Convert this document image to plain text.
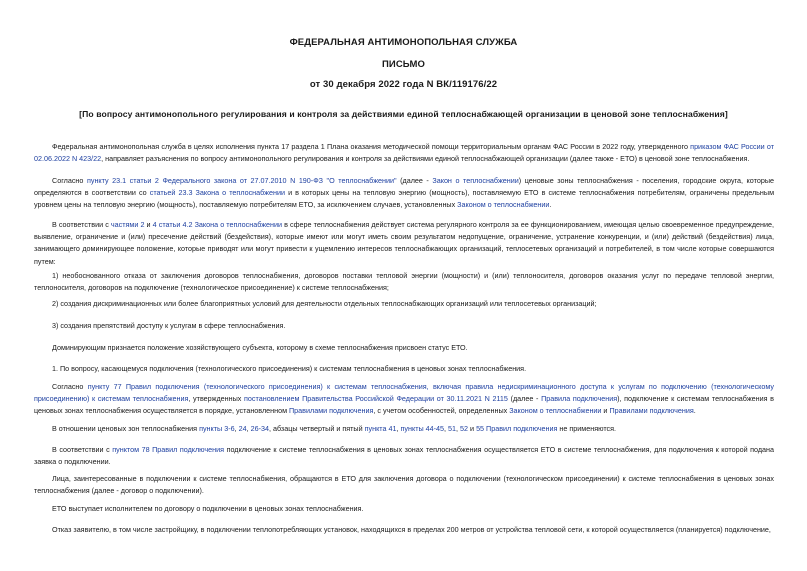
ФЕДЕРАЛЬНАЯ АНТИМОНОПОЛЬНАЯ СЛУЖБА
ПИСЬМО
от 30 декабря 2022 года N ВК/119176/22
[По вопросу антимонопольного регулирования и контроля за действиями единой теплоснабжающей организации в ценовой зоне теплоснабжения]
Федеральная антимонопольная служба в целях исполнения пункта 17 раздела 1 Плана оказания методической помощи территориальным органам ФАС России в 2022 году, утвержденного приказом ФАС России от 02.06.2022 N 423/22, направляет разъяснения по вопросу антимонопольного регулирования и контроля за действиями единой теплоснабжающей организации (далее также - ЕТО) в ценовой зоне теплоснабжения.
Согласно пункту 23.1 статьи 2 Федерального закона от 27.07.2010 N 190-ФЗ "О теплоснабжении" (далее - Закон о теплоснабжении) ценовые зоны теплоснабжения - поселения, городские округа, которые определяются в соответствии со статьей 23.3 Закона о теплоснабжении и в которых цены на тепловую энергию (мощность), поставляемую ЕТО в системе теплоснабжения потребителям, ограничены предельным уровнем цены на тепловую энергию (мощность), поставляемую потребителям ЕТО, за исключением случаев, установленных Законом о теплоснабжении.
В соответствии с частями 2 и 4 статьи 4.2 Закона о теплоснабжении в сфере теплоснабжения действует система регулярного контроля за ее функционированием, имеющая целью своевременное предупреждение, выявление, ограничение и (или) пресечение действий (бездействия), которые имеют или могут иметь своим результатом недопущение, ограничение, устранение конкуренции, и (или) действий (бездействия) лица, занимающего доминирующее положение, которые приводят или могут привести к ущемлению интересов теплоснабжающих организаций, теплосетевых организаций и потребителей, в том числе которые совершаются путем:
1) необоснованного отказа от заключения договоров теплоснабжения, договоров поставки тепловой энергии (мощности) и (или) теплоносителя, договоров оказания услуг по передаче тепловой энергии, теплоносителя, договоров на подключение (технологическое присоединение) к системе теплоснабжения;
2) создания дискриминационных или более благоприятных условий для деятельности отдельных теплоснабжающих организаций или теплосетевых организаций;
3) создания препятствий доступу к услугам в сфере теплоснабжения.
Доминирующим признается положение хозяйствующего субъекта, которому в схеме теплоснабжения присвоен статус ЕТО.
1. По вопросу, касающемуся подключения (технологического присоединения) к системам теплоснабжения в ценовых зонах теплоснабжения.
Согласно пункту 77 Правил подключения (технологического присоединения) к системам теплоснабжения, включая правила недискриминационного доступа к услугам по подключению (технологическому присоединению) к системам теплоснабжения, утвержденных постановлением Правительства Российской Федерации от 30.11.2021 N 2115 (далее - Правила подключения), подключение к системам теплоснабжения в ценовых зонах теплоснабжения осуществляется в порядке, установленном Правилами подключения, с учетом особенностей, определенных Законом о теплоснабжении и Правилами подключения.
В отношении ценовых зон теплоснабжения пункты 3-6, 24, 26-34, абзацы четвертый и пятый пункта 41, пункты 44-45, 51, 52 и 55 Правил подключения не применяются.
В соответствии с пунктом 78 Правил подключения подключение к системе теплоснабжения в ценовых зонах теплоснабжения осуществляется ЕТО в системе теплоснабжения, для подключения к которой подана заявка о подключении.
Лица, заинтересованные в подключении к системе теплоснабжения, обращаются в ЕТО для заключения договора о подключении (технологическом присоединении) к системе теплоснабжения в ценовых зонах теплоснабжения (далее - договор о подключении).
ЕТО выступает исполнителем по договору о подключении в ценовых зонах теплоснабжения.
Отказ заявителю, в том числе застройщику, в подключении теплопотребляющих установок, находящихся в пределах 200 метров от устройства тепловой сети, к которой осуществляется (планируется) подключение,
